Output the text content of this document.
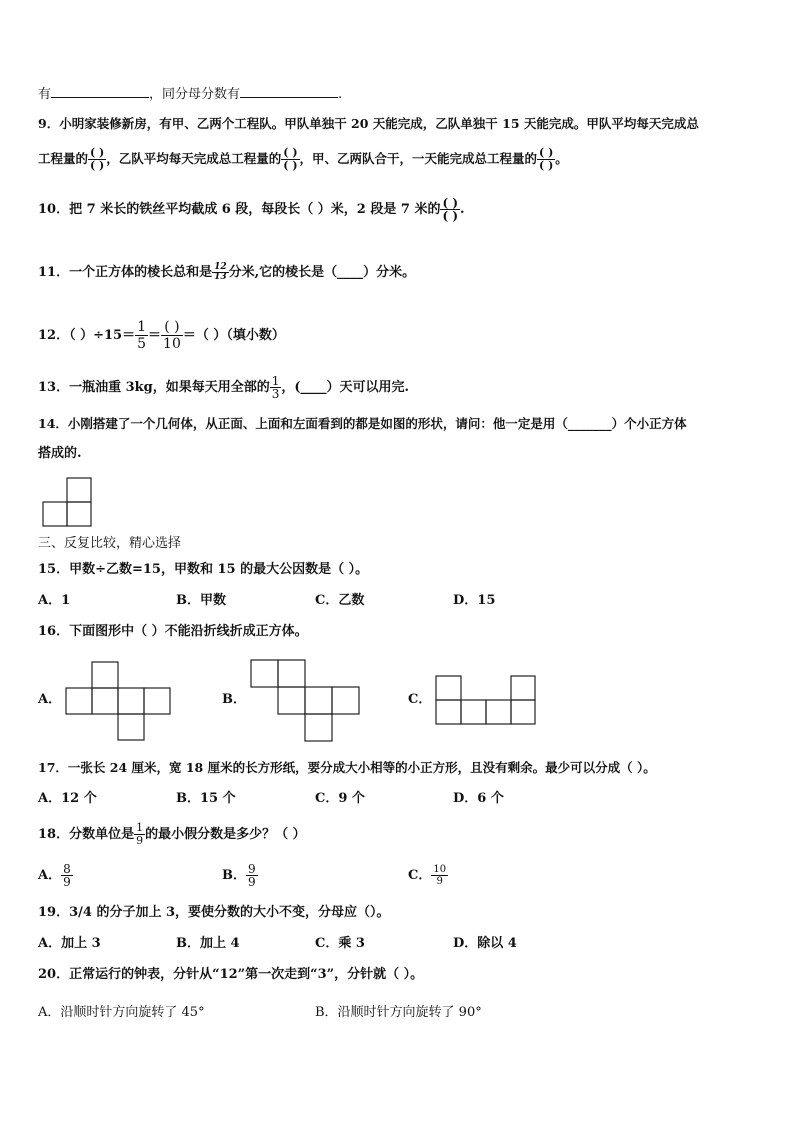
有	，同分母分数有	.
9．小明家装修新房，有甲、乙两个工程队。甲队单独干 20 天能完成，乙队单独干 15 天能完成。甲队平均每天完成总
工程量的 $\frac{( )}{( )}$ ，乙队平均每天完成总工程量的 $\frac{( )}{( )}$ ，甲、乙两队合干，一天能完成总工程量的 $\frac{( )}{( )}$ 。
10．把 7 米长的铁丝平均截成 6 段，每段长（ ）米，2 段是 7 米的 $\frac{( )}{( )}$ .
11．一个正方体的棱长总和是 $\frac{12}{13}$ 分米,它的棱长是（____）分米。
12．（ ）$\div 15= \frac{1}{5} = \frac{( )}{10}$ ＝（ ）（填小数）
13．一瓶油重 3kg，如果每天用全部的 $\frac{1}{3}$ ，(____）天可以用完.
14．小刚搭建了一个几何体，从正面、上面和左面看到的都是如图的形状，请问：他一定是用（_______）个小正方体
搭成的.
三、反复比较，精心选择
15．甲数÷乙数=15，甲数和 15 的最大公因数是（ ）。
A．1	B．甲数	C．乙数	D．15
16．下面图形中（ ）不能沿折线折成正方体。
A．	B．	C．
17．一张长 24 厘米，宽 18 厘米的长方形纸，要分成大小相等的小正方形，且没有剩余。最少可以分成（ ）。
A．12 个	B．15 个	C．9 个	D．6 个
18．分数单位是 $\frac{1}{9}$ 的最小假分数是多少？（ ）
A． $\frac{8}{9}$	B． $\frac{9}{9}$	C． $\frac{10}{9}$
19．3/4 的分子加上 3，要使分数的大小不变，分母应（）。
A．加上 3	B．加上 4	C．乘 3	D．除以 4
20．正常运行的钟表，分针从“12”第一次走到“3”，分针就（ ）。
A．沿顺时针方向旋转了 45°	B．沿顺时针方向旋转了 90°
